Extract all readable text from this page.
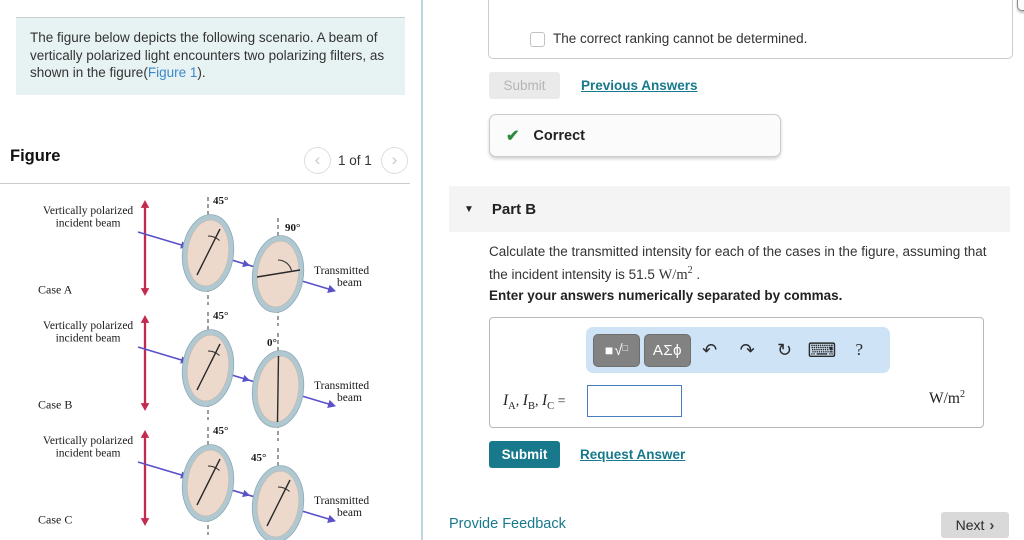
The figure below depicts the following scenario. A beam of vertically polarized light encounters two polarizing filters, as shown in the figure(Figure 1).
Figure	‹	1 of 1	›
Vertically polarized
incident beam
45°
90°
Transmitted
beam
Case A
Vertically polarized
incident beam
45°
0°
Transmitted
beam
Case B
Vertically polarized
incident beam
45°
45°
Transmitted
beam
Case C
The correct ranking cannot be determined.
Submit	Previous Answers
✔ Correct
▼ Part B
Calculate the transmitted intensity for each of the cases in the figure, assuming that the incident intensity is 51.5 $W/m^2$ .
Enter your answers numerically separated by commas.
■ √ □	ΑΣϕ	↶	↷	↻ ⌨	?
$I_A$, $I_B$, $I_C$ =	$W/m^2$
Submit	Request Answer
Provide Feedback	Next ›
